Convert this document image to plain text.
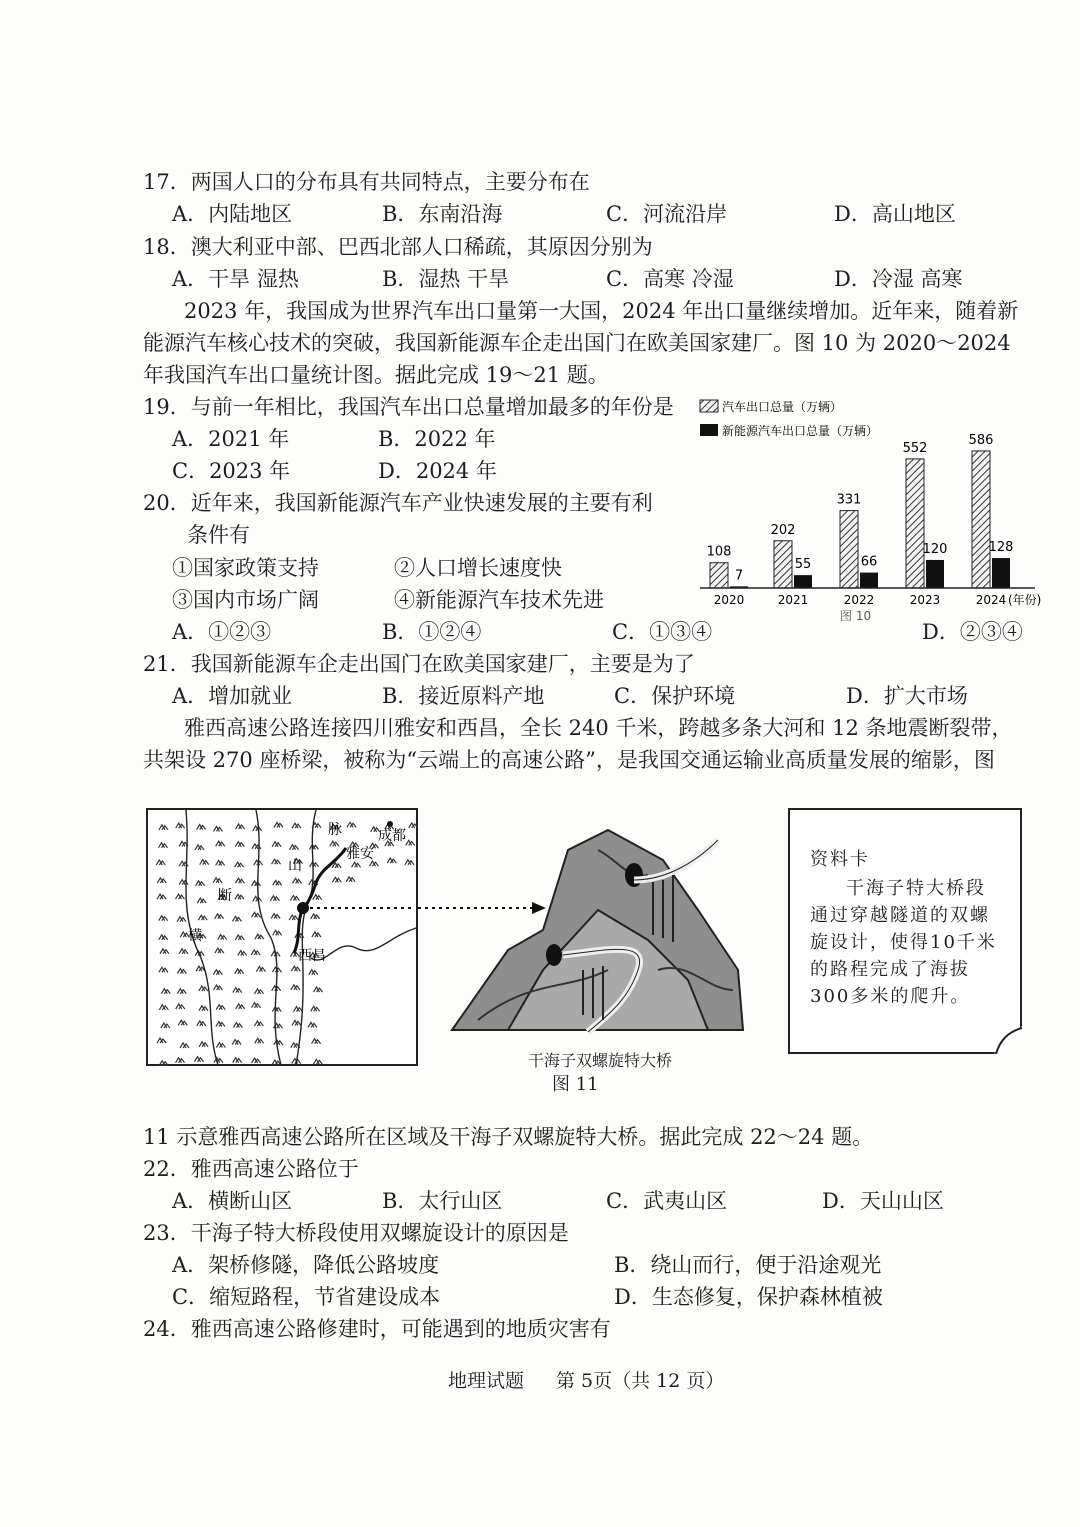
17．两国人口的分布具有共同特点，主要分布在
A．内陆地区	B．东南沿海	C．河流沿岸	D．高山地区
18．澳大利亚中部、巴西北部人口稀疏，其原因分别为
A．干旱 湿热	B．湿热 干旱	C．高寒 冷湿	D．冷湿 高寒
2023 年，我国成为世界汽车出口量第一大国，2024 年出口量继续增加。近年来，随着新
能源汽车核心技术的突破，我国新能源车企走出国门在欧美国家建厂。图 10 为 2020～2024
年我国汽车出口量统计图。据此完成 19～21 题。
19．与前一年相比，我国汽车出口总量增加最多的年份是
A．2021 年	B．2022 年
C．2023 年	D．2024 年
20．近年来，我国新能源汽车产业快速发展的主要有利
条件有
①国家政策支持	②人口增长速度快
③国内市场广阔	④新能源汽车技术先进
A．①②③	B．①②④	C．①③④	D．②③④
汽车出口总量（万辆）
新能源汽车出口总量（万辆）
108
7
2020
202
55
2021
331
66
2022
552
120
2023
586
128
2024 (年份)
图 10
21．我国新能源车企走出国门在欧美国家建厂，主要是为了
A．增加就业	B．接近原料产地	C．保护环境	D．扩大市场
雅西高速公路连接四川雅安和西昌，全长 240 千米，跨越多条大河和 12 条地震断裂带，
共架设 270 座桥梁，被称为“云端上的高速公路”，是我国交通运输业高质量发展的缩影，图
脉	成都
山
雅安
断
横
西昌
干海子双螺旋特大桥
图 11
资料卡
干海子特大桥段通过穿越隧道的双螺旋设计，使得10千米的路程完成了海拔300多米的爬升。
11 示意雅西高速公路所在区域及干海子双螺旋特大桥。据此完成 22～24 题。
22．雅西高速公路位于
A．横断山区	B．太行山区	C．武夷山区	D．天山山区
23．干海子特大桥段使用双螺旋设计的原因是
A．架桥修隧，降低公路坡度	B．绕山而行，便于沿途观光
C．缩短路程，节省建设成本	D．生态修复，保护森林植被
24．雅西高速公路修建时，可能遇到的地质灾害有
地理试题 第 5页（共 12 页）
